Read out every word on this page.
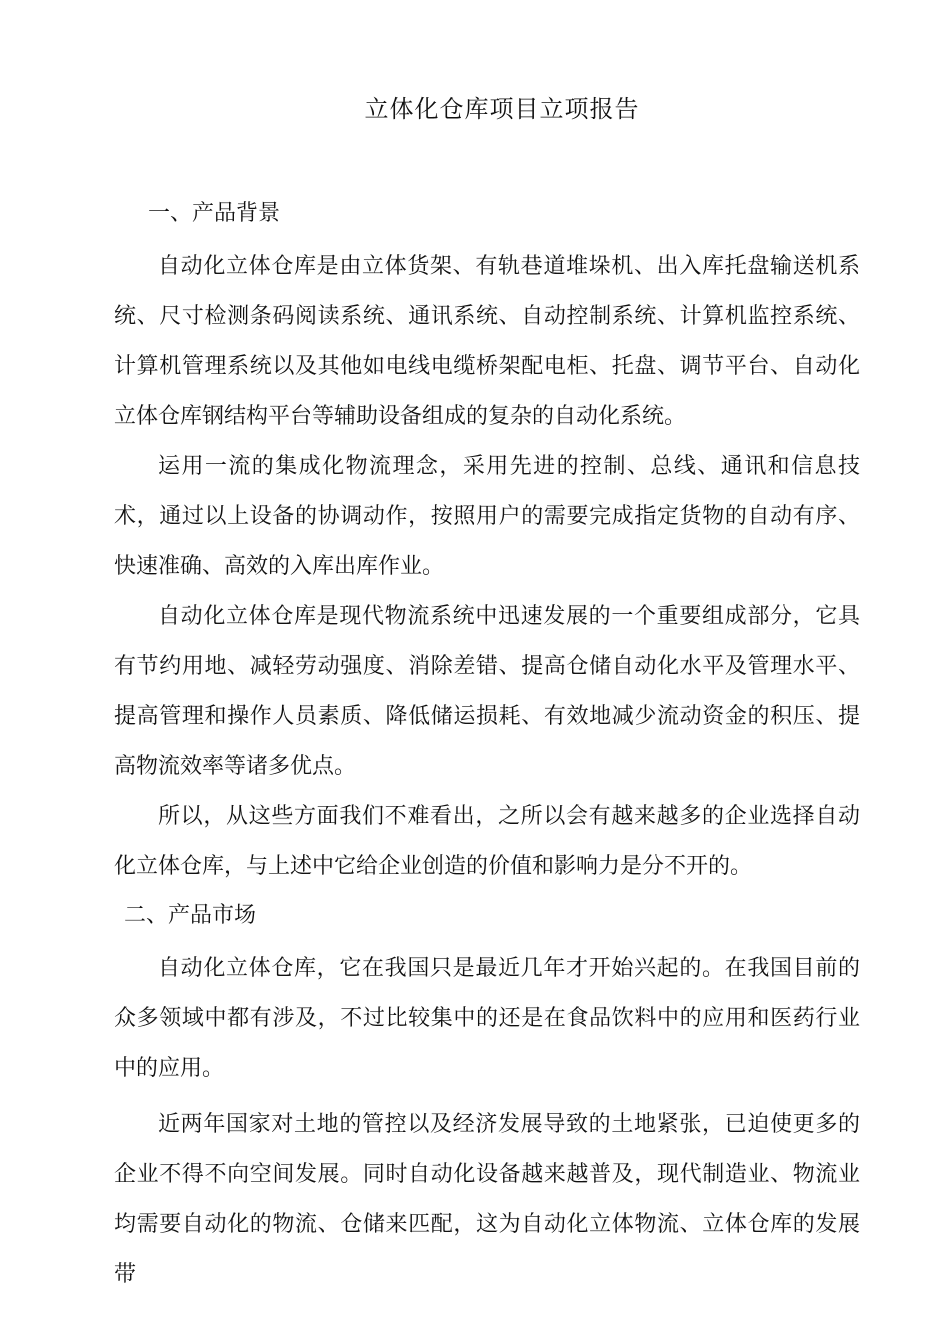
立体化仓库项目立项报告
一、产品背景

自动化立体仓库是由立体货架、有轨巷道堆垛机、出入库托盘输送机系统、尺寸检测条码阅读系统、通讯系统、自动控制系统、计算机监控系统、计算机管理系统以及其他如电线电缆桥架配电柜、托盘、调节平台、自动化立体仓库钢结构平台等辅助设备组成的复杂的自动化系统。

运用一流的集成化物流理念，采用先进的控制、总线、通讯和信息技术，通过以上设备的协调动作，按照用户的需要完成指定货物的自动有序、快速准确、高效的入库出库作业。

自动化立体仓库是现代物流系统中迅速发展的一个重要组成部分，它具有节约用地、减轻劳动强度、消除差错、提高仓储自动化水平及管理水平、提高管理和操作人员素质、降低储运损耗、有效地减少流动资金的积压、提高物流效率等诸多优点。

所以，从这些方面我们不难看出，之所以会有越来越多的企业选择自动化立体仓库，与上述中它给企业创造的价值和影响力是分不开的。

二、产品市场

自动化立体仓库，它在我国只是最近几年才开始兴起的。在我国目前的众多领域中都有涉及，不过比较集中的还是在食品饮料中的应用和医药行业中的应用。

近两年国家对土地的管控以及经济发展导致的土地紧张，已迫使更多的企业不得不向空间发展。同时自动化设备越来越普及，现代制造业、物流业均需要自动化的物流、仓储来匹配，这为自动化立体物流、立体仓库的发展带
